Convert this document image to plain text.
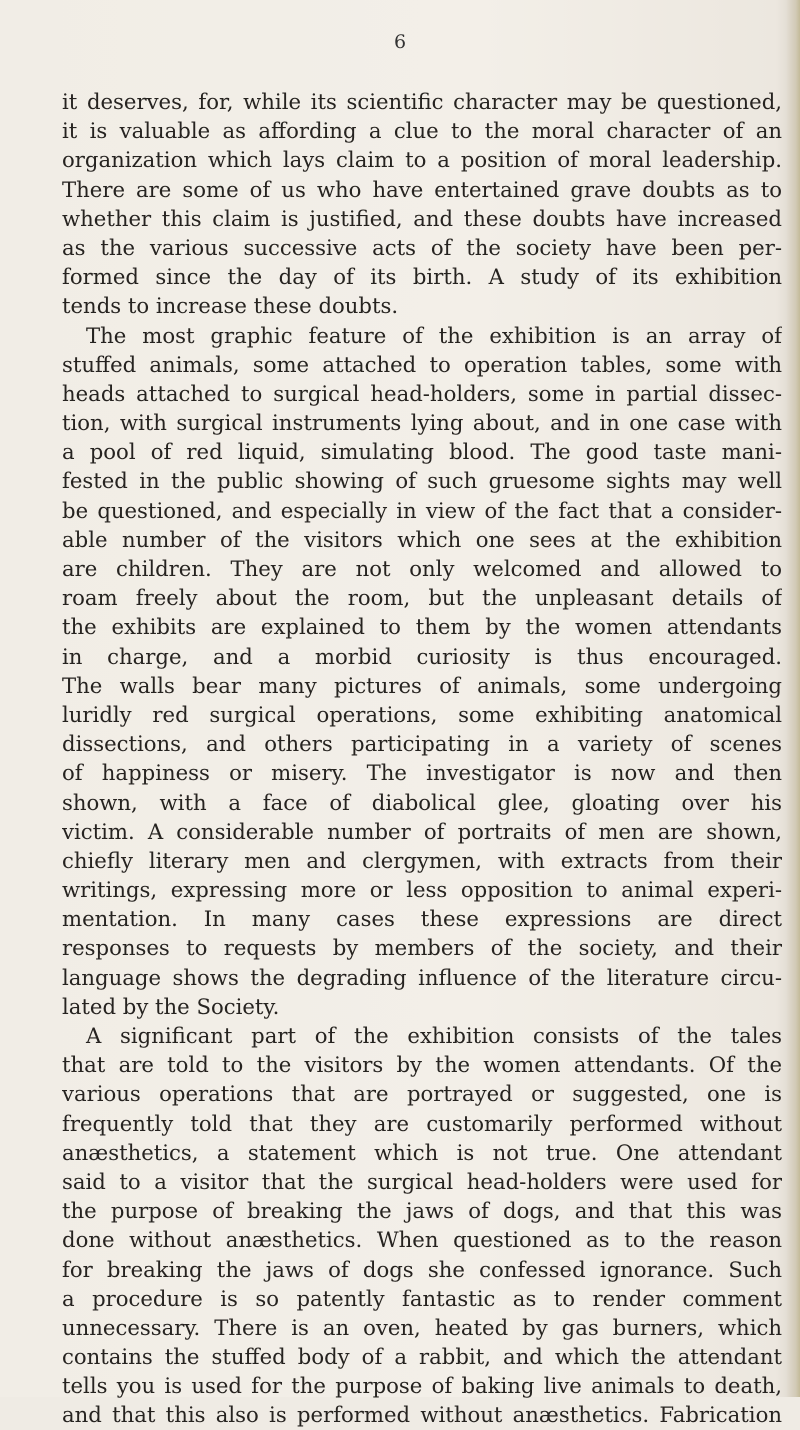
6
it deserves, for, while its scientific character may be questioned,
it is valuable as affording a clue to the moral character of an
organization which lays claim to a position of moral leadership.
There are some of us who have entertained grave doubts as to
whether this claim is justified, and these doubts have increased
as the various successive acts of the society have been per-
formed since the day of its birth. A study of its exhibition
tends to increase these doubts.
The most graphic feature of the exhibition is an array of
stuffed animals, some attached to operation tables, some with
heads attached to surgical head-holders, some in partial dissec-
tion, with surgical instruments lying about, and in one case with
a pool of red liquid, simulating blood. The good taste mani-
fested in the public showing of such gruesome sights may well
be questioned, and especially in view of the fact that a consider-
able number of the visitors which one sees at the exhibition
are children. They are not only welcomed and allowed to
roam freely about the room, but the unpleasant details of
the exhibits are explained to them by the women attendants
in charge, and a morbid curiosity is thus encouraged.
The walls bear many pictures of animals, some undergoing
luridly red surgical operations, some exhibiting anatomical
dissections, and others participating in a variety of scenes
of happiness or misery. The investigator is now and then
shown, with a face of diabolical glee, gloating over his
victim. A considerable number of portraits of men are shown,
chiefly literary men and clergymen, with extracts from their
writings, expressing more or less opposition to animal experi-
mentation. In many cases these expressions are direct
responses to requests by members of the society, and their
language shows the degrading influence of the literature circu-
lated by the Society.
A significant part of the exhibition consists of the tales
that are told to the visitors by the women attendants. Of the
various operations that are portrayed or suggested, one is
frequently told that they are customarily performed without
anæsthetics, a statement which is not true. One attendant
said to a visitor that the surgical head-holders were used for
the purpose of breaking the jaws of dogs, and that this was
done without anæsthetics. When questioned as to the reason
for breaking the jaws of dogs she confessed ignorance. Such
a procedure is so patently fantastic as to render comment
unnecessary. There is an oven, heated by gas burners, which
contains the stuffed body of a rabbit, and which the attendant
tells you is used for the purpose of baking live animals to death,
and that this also is performed without anæsthetics. Fabrication
